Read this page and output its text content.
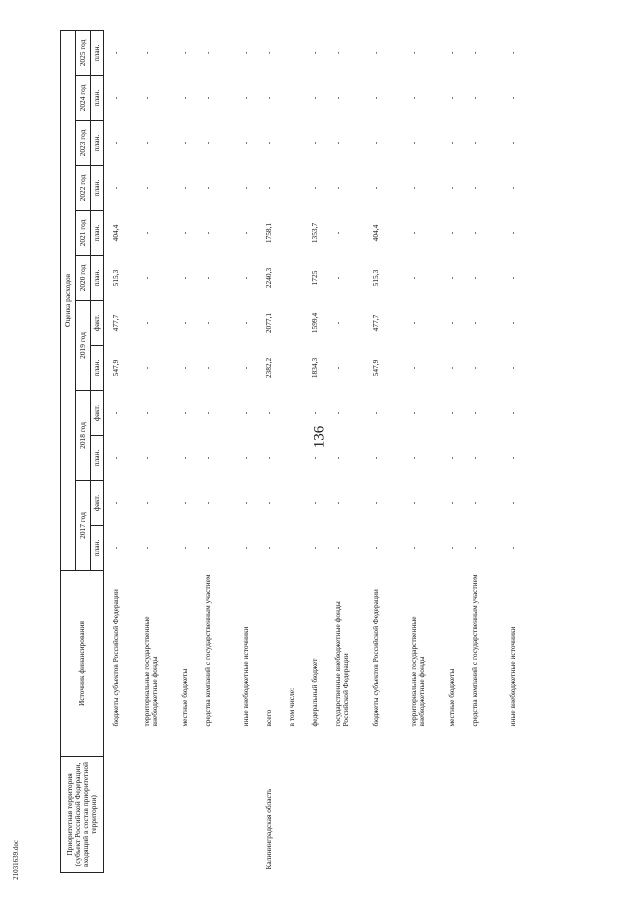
136
21031639.doc
Приоритетная территория (субъект Российской Федерации, входящий в состав приоритетной территории)	Источник финансирования	Оценка расходов											
		2017 год		2018 год		2019 год		2020 год	2021 год	2022 год	2023 год	2024 год	2025 год
		план.	факт.	план.	факт.	план.	факт.	план.	план.	план.	план.	план.	план.
	бюджеты субъектов Российской Федерации	-	-	-	-	547,9	477,7	515,3	404,4	-	-	-	-
	территориальные государственные внебюджетные фонды	-	-	-	-	-	-	-	-	-	-	-	-
	местные бюджеты	-	-	-	-	-	-	-	-	-	-	-	-
	средства компаний с государственным участием	-	-	-	-	-	-	-	-	-	-	-	-
	иные внебюджетные источники	-	-	-	-	-	-	-	-	-	-	-	-
Калининградская область	всего	-	-	-	-	2382,2	2077,1	2240,3	1758,1	-	-	-	-
	в том числе:												
	федеральный бюджет	-	-	-	-	1834,3	1599,4	1725	1353,7	-	-	-	-
	государственные внебюджетные фонды Российской Федерации	-	-	-	-	-	-	-	-	-	-	-	-
	бюджеты субъектов Российской Федерации	-	-	-	-	547,9	477,7	515,3	404,4	-	-	-	-
	территориальные государственные внебюджетные фонды	-	-	-	-	-	-	-	-	-	-	-	-
	местные бюджеты	-	-	-	-	-	-	-	-	-	-	-	-
	средства компаний с государственным участием	-	-	-	-	-	-	-	-	-	-	-	-
	иные внебюджетные источники	-	-	-	-	-	-	-	-	-	-	-	-
